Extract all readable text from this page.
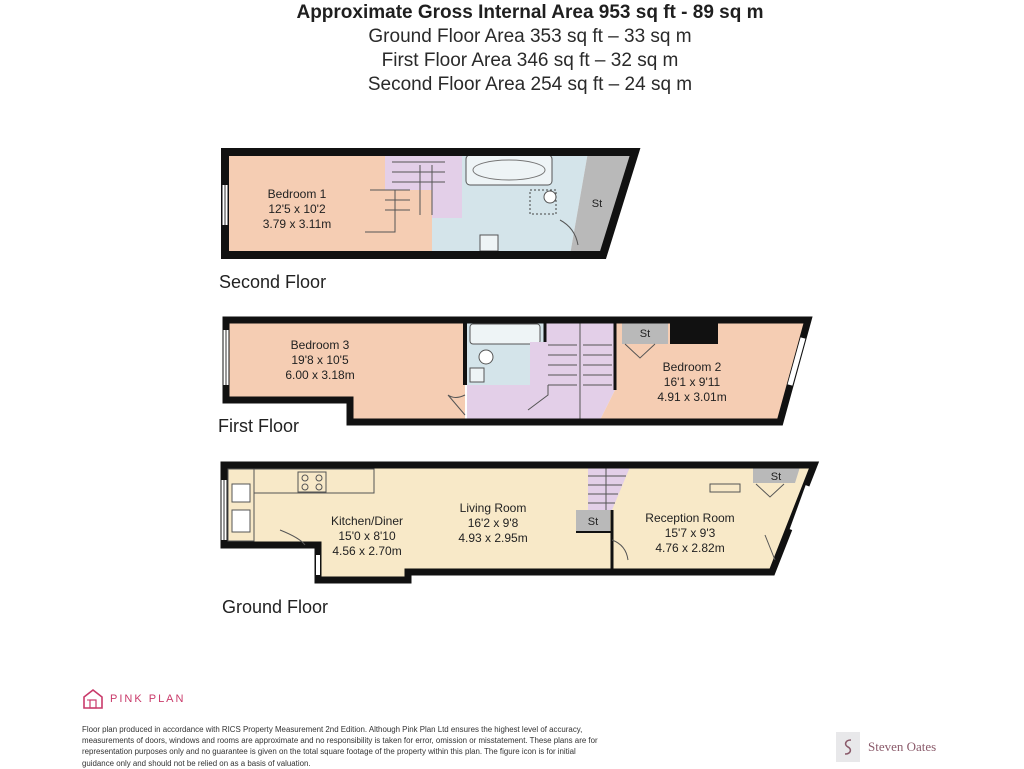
Approximate Gross Internal Area 953 sq ft - 89 sq m
Ground Floor Area 353 sq ft – 33 sq m
First Floor Area 346 sq ft – 32 sq m
Second Floor Area 254 sq ft – 24 sq m
St
Bedroom 1
12'5 x 10'2
3.79 x 3.11m
Second Floor
St
Bedroom 3
19'8 x 10'5
6.00 x 3.18m
Bedroom 2
16'1 x 9'11
4.91 x 3.01m
First Floor
St
St
Kitchen/Diner
15'0 x 8'10
4.56 x 2.70m
Living Room
16'2 x 9'8
4.93 x 2.95m
Reception Room
15'7 x 9'3
4.76 x 2.82m
Ground Floor
PINK PLAN
Floor plan produced in accordance with RICS Property Measurement 2nd Edition. Although Pink Plan Ltd ensures the highest level of accuracy, measurements of doors, windows and rooms are approximate and no responsibility is taken for error, omission or misstatement. These plans are for representation purposes only and no guarantee is given on the total square footage of the property within this plan. The figure icon is for initial guidance only and should not be relied on as a basis of valuation.
Steven Oates
